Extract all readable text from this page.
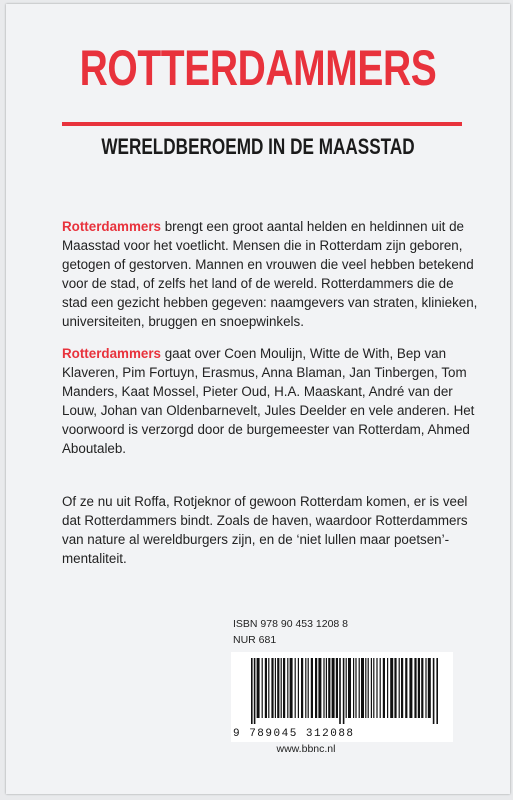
ROTTERDAMMERS
WERELDBEROEMD IN DE MAASSTAD

Rotterdammers brengt een groot aantal helden en heldinnen uit de Maasstad voor het voetlicht. Mensen die in Rotterdam zijn geboren, getogen of gestorven. Mannen en vrouwen die veel hebben betekend voor de stad, of zelfs het land of de wereld. Rotterdammers die de stad een gezicht hebben gegeven: naamgevers van straten, klinieken, universiteiten, bruggen en snoepwinkels.

Rotterdammers gaat over Coen Moulijn, Witte de With, Bep van Klaveren, Pim Fortuyn, Erasmus, Anna Blaman, Jan Tinbergen, Tom Manders, Kaat Mossel, Pieter Oud, H.A. Maaskant, André van der Louw, Johan van Oldenbarnevelt, Jules Deelder en vele anderen. Het voorwoord is verzorgd door de burgemeester van Rotterdam, Ahmed Aboutaleb.

Of ze nu uit Roffa, Rotjeknor of gewoon Rotterdam komen, er is veel dat Rotterdammers bindt. Zoals de haven, waardoor Rotterdammers van nature al wereldburgers zijn, en de ‘niet lullen maar poetsen’-mentaliteit.

ISBN 978 90 453 1208 8
NUR 681
9 789045 312088
www.bbnc.nl
